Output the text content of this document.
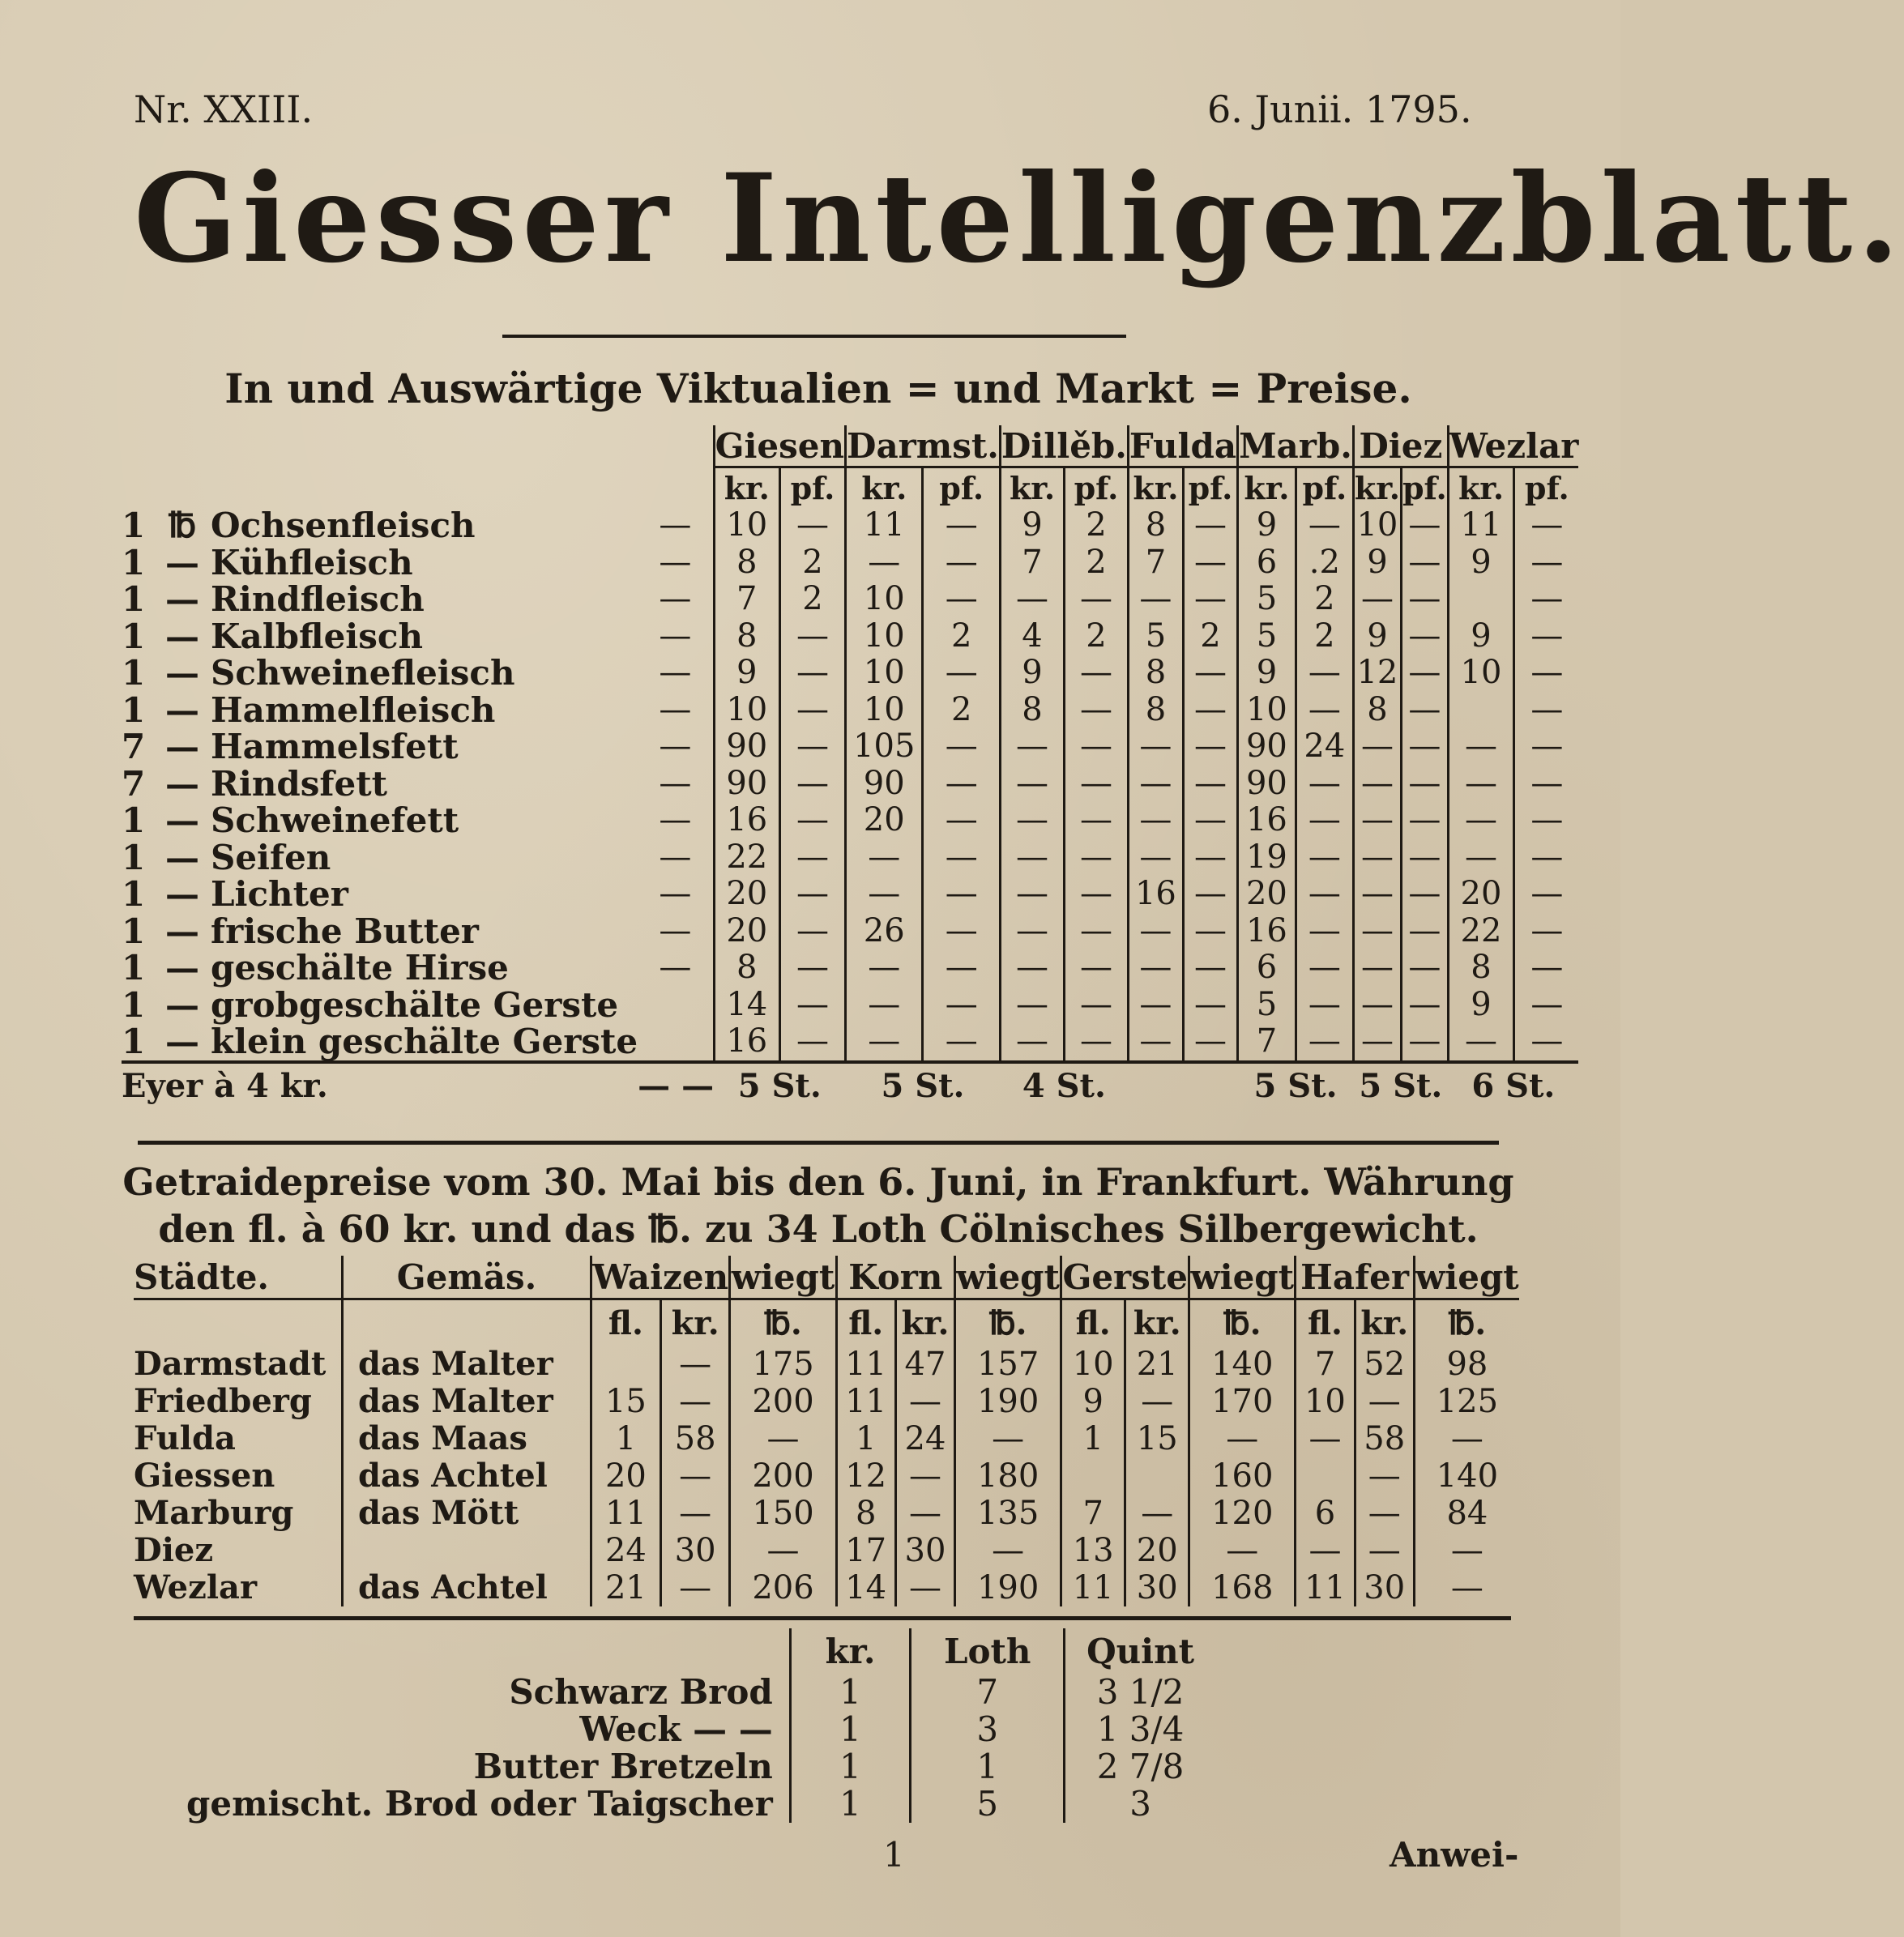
Nr. XXIII.	6. Junii. 1795.
Giesser Intelligenzblatt.
In und Auswärtige Viktualien = und Markt = Preise.
		Giesen		Darmst.		Dillěb.		Fulda		Marb.		Diez		Wezlar	
		kr.	pf.	kr.	pf.	kr.	pf.	kr.	pf.	kr.	pf.	kr.	pf.	kr.	pf.
1 ℔ Ochsenfleisch	—	10	—	11	—	9	2	8	—	9	—	10	—	11	—
1 — Kühfleisch	—	8	2	—	—	7	2	7	—	6	.2	9	—	9	—
1 — Rindfleisch	—	7	2	10	—	—	—	—	—	5	2	—	—		—
1 — Kalbfleisch	—	8	—	10	2	4	2	5	2	5	2	9	—	9	—
1 — Schweinefleisch	—	9	—	10	—	9	—	8	—	9	—	12	—	10	—
1 — Hammelfleisch	—	10	—	10	2	8	—	8	—	10	—	8	—		—
7 — Hammelsfett	—	90	—	105	—	—	—	—	—	90	24	—	—	—	—
7 — Rindsfett	—	90	—	90	—	—	—	—	—	90	—	—	—	—	—
1 — Schweinefett	—	16	—	20	—	—	—	—	—	16	—	—	—	—	—
1 — Seifen	—	22	—	—	—	—	—	—	—	19	—	—	—	—	—
1 — Lichter	—	20	—	—	—	—	—	16	—	20	—	—	—	20	—
1 — frische Butter	—	20	—	26	—	—	—	—	—	16	—	—	—	22	—
1 — geschälte Hirse	—	8	—	—	—	—	—	—	—	6	—	—	—	8	—
1 — grobgeschälte Gerste		14	—	—	—	—	—	—	—	5	—	—	—	9	—
1 — klein geschälte Gerste		16	—	—	—	—	—	—	—	7	—	—	—	—	—
Eyer à 4 kr.	— —	5 St.		5 St.		4 St.				5 St.		5 St.		6 St.	
Getraidepreise vom 30. Mai bis den 6. Juni, in Frankfurt. Währung den fl. à 60 kr. und das ℔. zu 34 Loth Cölnisches Silbergewicht.
Städte.	Gemäs.	Waizen		wiegt	Korn		wiegt	Gerste		wiegt	Hafer		wiegt
		fl.	kr.	℔.	fl.	kr.	℔.	fl.	kr.	℔.	fl.	kr.	℔.
Darmstadt	das Malter		—	175	11	47	157	10	21	140	7	52	98
Friedberg	das Malter	15	—	200	11	—	190	9	—	170	10	—	125
Fulda	das Maas	1	58	—	1	24	—	1	15	—	—	58	—
Giessen	das Achtel	20	—	200	12	—	180			160		—	140
Marburg	das Mött	11	—	150	8	—	135	7	—	120	6	—	84
Diez		24	30	—	17	30	—	13	20	—	—	—	—
Wezlar	das Achtel	21	—	206	14	—	190	11	30	168	11	30	—
	kr.	Loth	Quint
Schwarz Brod	1	7	3 1/2
Weck — —	1	3	1 3/4
Butter Bretzeln	1	1	2 7/8
gemischt. Brod oder Taigscher	1	5	3
1	Anwei-
